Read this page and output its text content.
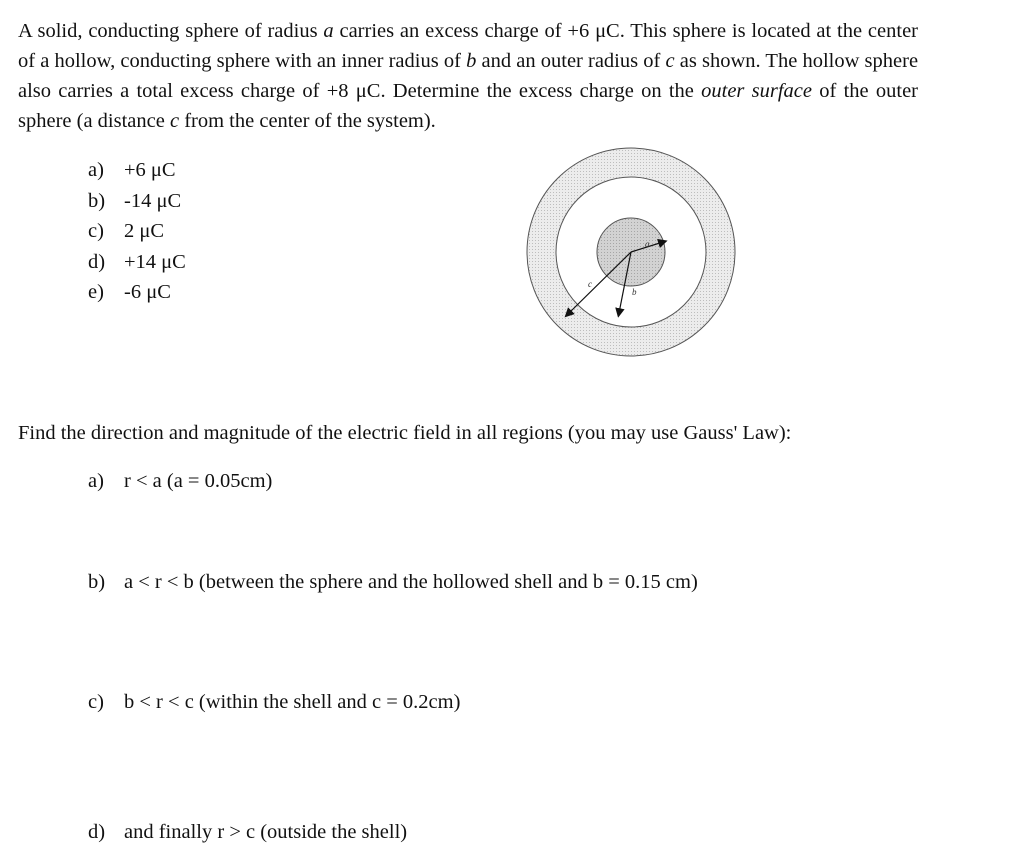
A solid, conducting sphere of radius a carries an excess charge of +6 μC. This sphere is located at the center of a hollow, conducting sphere with an inner radius of b and an outer radius of c as shown. The hollow sphere also carries a total excess charge of +8 μC. Determine the excess charge on the outer surface of the outer sphere (a distance c from the center of the system).
a) +6 μC
b) -14 μC
c) 2 μC
d) +14 μC
e) -6 μC
a
b
c
Find the direction and magnitude of the electric field in all regions (you may use Gauss' Law):
a) r < a (a = 0.05cm)
b) a < r < b (between the sphere and the hollowed shell and b = 0.15 cm)
c) b < r < c (within the shell and c = 0.2cm)
d) and finally r > c (outside the shell)
